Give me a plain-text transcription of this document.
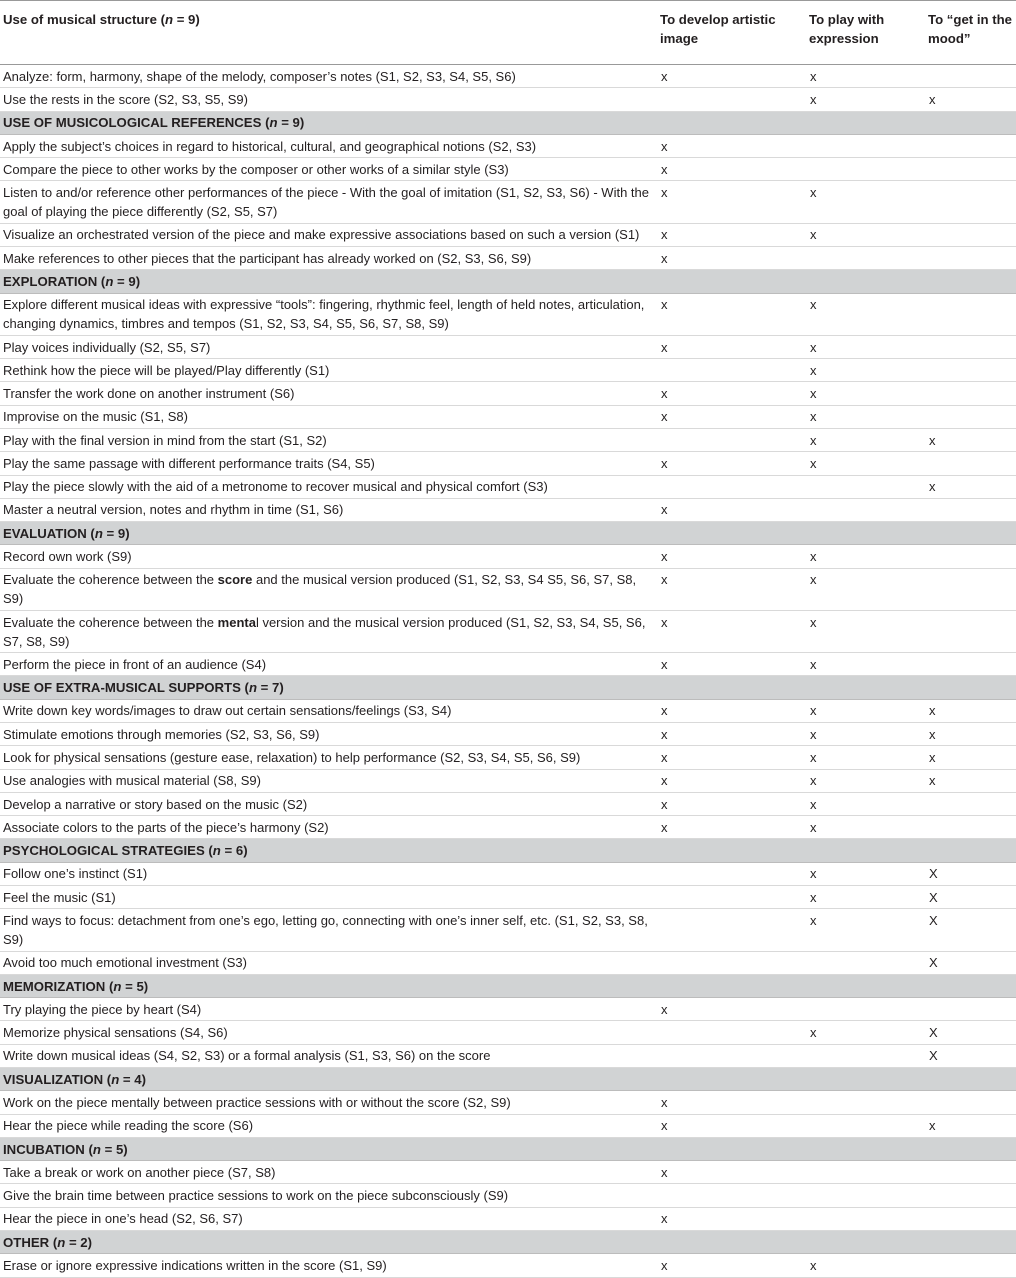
Use of musical structure (n = 9)	To develop artistic image	To play with expression	To “get in the mood”
Analyze: form, harmony, shape of the melody, composer’s notes (S1, S2, S3, S4, S5, S6)	x	x	
Use the rests in the score (S2, S3, S5, S9)		x	x
USE OF MUSICOLOGICAL REFERENCES (n = 9)			
Apply the subject’s choices in regard to historical, cultural, and geographical notions (S2, S3)	x		
Compare the piece to other works by the composer or other works of a similar style (S3)	x		
Listen to and/or reference other performances of the piece - With the goal of imitation (S1, S2, S3, S6) - With the goal of playing the piece differently (S2, S5, S7)	x	x	
Visualize an orchestrated version of the piece and make expressive associations based on such a version (S1)	x	x	
Make references to other pieces that the participant has already worked on (S2, S3, S6, S9)	x		
EXPLORATION (n = 9)			
Explore different musical ideas with expressive “tools”: fingering, rhythmic feel, length of held notes, articulation, changing dynamics, timbres and tempos (S1, S2, S3, S4, S5, S6, S7, S8, S9)	x	x	
Play voices individually (S2, S5, S7)	x	x	
Rethink how the piece will be played/Play differently (S1)		x	
Transfer the work done on another instrument (S6)	x	x	
Improvise on the music (S1, S8)	x	x	
Play with the final version in mind from the start (S1, S2)		x	x
Play the same passage with different performance traits (S4, S5)	x	x	
Play the piece slowly with the aid of a metronome to recover musical and physical comfort (S3)			x
Master a neutral version, notes and rhythm in time (S1, S6)	x		
EVALUATION (n = 9)			
Record own work (S9)	x	x	
Evaluate the coherence between the score and the musical version produced (S1, S2, S3, S4 S5, S6, S7, S8, S9)	x	x	
Evaluate the coherence between the mental version and the musical version produced (S1, S2, S3, S4, S5, S6, S7, S8, S9)	x	x	
Perform the piece in front of an audience (S4)	x	x	
USE OF EXTRA-MUSICAL SUPPORTS (n = 7)			
Write down key words/images to draw out certain sensations/feelings (S3, S4)	x	x	x
Stimulate emotions through memories (S2, S3, S6, S9)	x	x	x
Look for physical sensations (gesture ease, relaxation) to help performance (S2, S3, S4, S5, S6, S9)	x	x	x
Use analogies with musical material (S8, S9)	x	x	x
Develop a narrative or story based on the music (S2)	x	x	
Associate colors to the parts of the piece’s harmony (S2)	x	x	
PSYCHOLOGICAL STRATEGIES (n = 6)			
Follow one’s instinct (S1)		x	X
Feel the music (S1)		x	X
Find ways to focus: detachment from one’s ego, letting go, connecting with one’s inner self, etc. (S1, S2, S3, S8, S9)		x	X
Avoid too much emotional investment (S3)			X
MEMORIZATION (n = 5)			
Try playing the piece by heart (S4)	x		
Memorize physical sensations (S4, S6)		x	X
Write down musical ideas (S4, S2, S3) or a formal analysis (S1, S3, S6) on the score			X
VISUALIZATION (n = 4)			
Work on the piece mentally between practice sessions with or without the score (S2, S9)	x		
Hear the piece while reading the score (S6)	x		x
INCUBATION (n = 5)			
Take a break or work on another piece (S7, S8)	x		
Give the brain time between practice sessions to work on the piece subconsciously (S9)			
Hear the piece in one’s head (S2, S6, S7)	x		
OTHER (n = 2)			
Erase or ignore expressive indications written in the score (S1, S9)	x	x	
